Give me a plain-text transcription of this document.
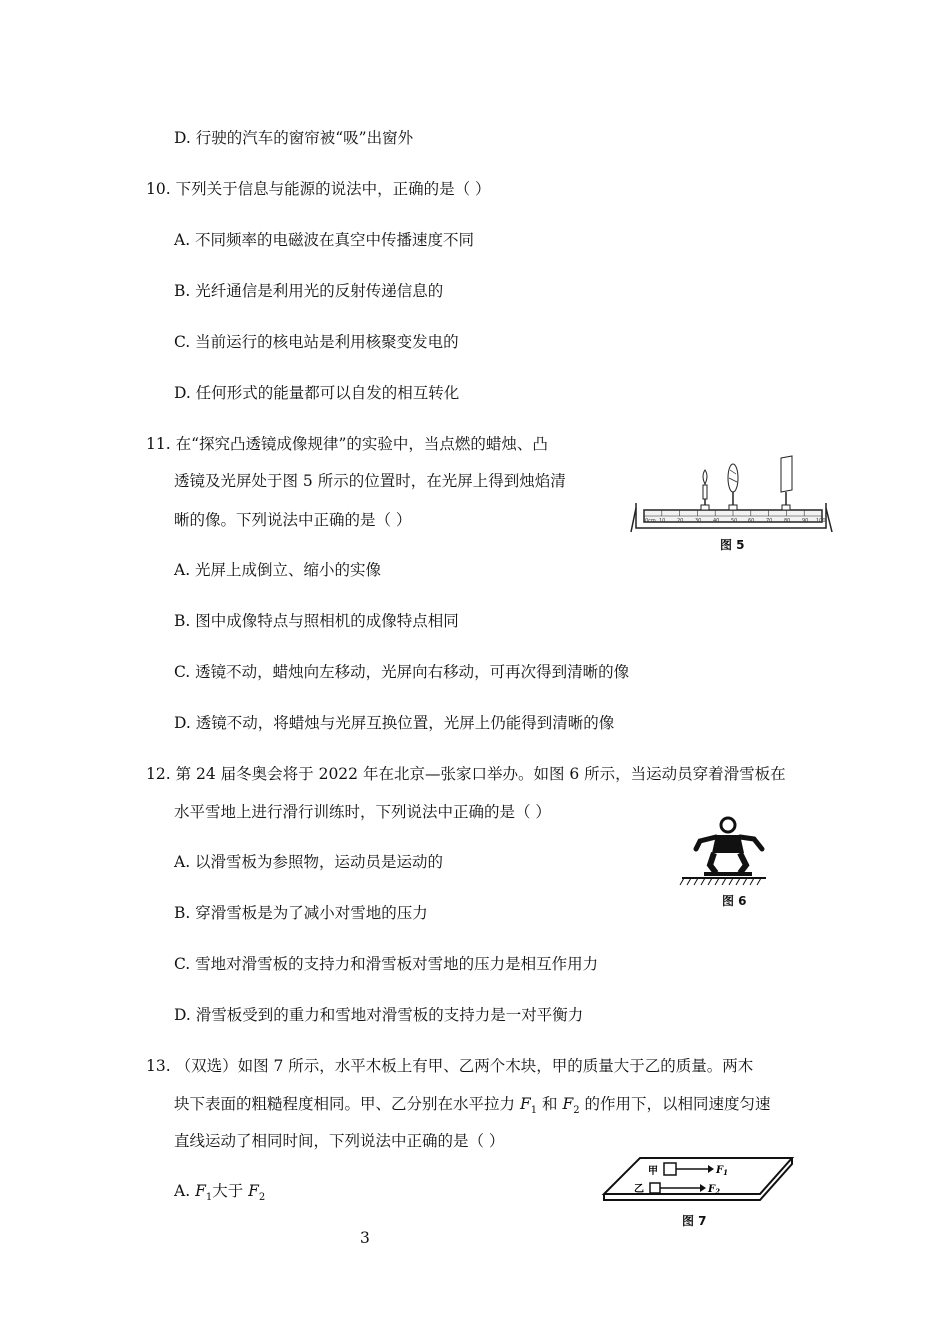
D. 行驶的汽车的窗帘被“吸”出窗外
10. 下列关于信息与能源的说法中，正确的是（ ）
A. 不同频率的电磁波在真空中传播速度不同
B. 光纤通信是利用光的反射传递信息的
C. 当前运行的核电站是利用核聚变发电的
D. 任何形式的能量都可以自发的相互转化
11. 在“探究凸透镜成像规律”的实验中，当点燃的蜡烛、凸
透镜及光屏处于图 5 所示的位置时，在光屏上得到烛焰清
晰的像。下列说法中正确的是（ ）	0cm 10 20 30 40 50 60 70 80 90 100
图 5
A. 光屏上成倒立、缩小的实像
B. 图中成像特点与照相机的成像特点相同
C. 透镜不动，蜡烛向左移动，光屏向右移动，可再次得到清晰的像
D. 透镜不动，将蜡烛与光屏互换位置，光屏上仍能得到清晰的像
12. 第 24 届冬奥会将于 2022 年在北京—张家口举办。如图 6 所示，当运动员穿着滑雪板在
水平雪地上进行滑行训练时，下列说法中正确的是（ ）
图 6
A. 以滑雪板为参照物，运动员是运动的
B. 穿滑雪板是为了减小对雪地的压力
C. 雪地对滑雪板的支持力和滑雪板对雪地的压力是相互作用力
D. 滑雪板受到的重力和雪地对滑雪板的支持力是一对平衡力
13. （双选）如图 7 所示，水平木板上有甲、乙两个木块，甲的质量大于乙的质量。两木
块下表面的粗糙程度相同。甲、乙分别在水平拉力 $F_1$ 和 $F_2$ 的作用下，以相同速度匀速
直线运动了相同时间，下列说法中正确的是（ ）
A. $F_1$大于 $F_2$
甲	$F_1$
乙	$F_2$
图 7
3
